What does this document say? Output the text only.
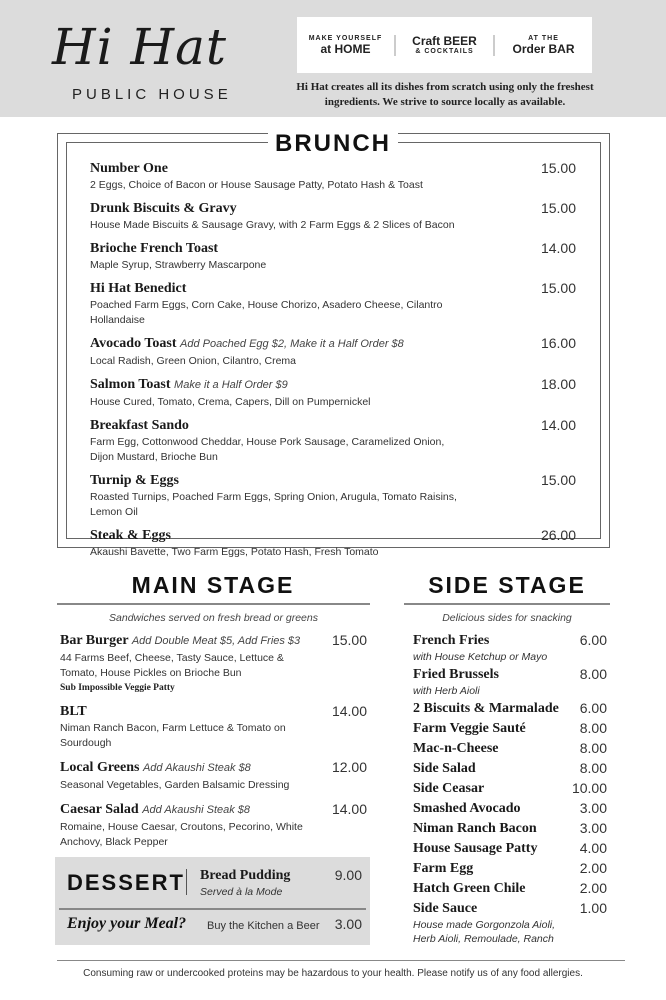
Hi Hat
PUBLIC HOUSE
MAKE YOURSELF
at HOME
Craft BEER
& COCKTAILS
AT THE
Order BAR
Hi Hat creates all its dishes from scratch using only the freshest ingredients. We strive to source locally as available.
BRUNCH
Number One
2 Eggs, Choice of Bacon or House Sausage Patty, Potato Hash & Toast
15.00
Drunk Biscuits & Gravy
House Made Biscuits & Sausage Gravy, with 2 Farm Eggs & 2 Slices of Bacon
15.00
Brioche French Toast
Maple Syrup, Strawberry Mascarpone
14.00
Hi Hat Benedict
Poached Farm Eggs, Corn Cake, House Chorizo, Asadero Cheese, Cilantro Hollandaise
15.00
Avocado Toast Add Poached Egg $2, Make it a Half Order $8
Local Radish, Green Onion, Cilantro, Crema
16.00
Salmon Toast Make it a Half Order $9
House Cured, Tomato, Crema, Capers, Dill on Pumpernickel
18.00
Breakfast Sando
Farm Egg, Cottonwood Cheddar, House Pork Sausage, Caramelized Onion, Dijon Mustard, Brioche Bun
14.00
Turnip & Eggs
Roasted Turnips, Poached Farm Eggs, Spring Onion, Arugula, Tomato Raisins, Lemon Oil
15.00
Steak & Eggs
Akaushi Bavette, Two Farm Eggs, Potato Hash, Fresh Tomato
26.00
MAIN STAGE
Sandwiches served on fresh bread or greens
Bar Burger Add Double Meat $5, Add Fries $3
44 Farms Beef, Cheese, Tasty Sauce, Lettuce & Tomato, House Pickles on Brioche Bun
Sub Impossible Veggie Patty
15.00
BLT
Niman Ranch Bacon, Farm Lettuce & Tomato on Sourdough
14.00
Local Greens Add Akaushi Steak $8
Seasonal Vegetables, Garden Balsamic Dressing
12.00
Caesar Salad Add Akaushi Steak $8
Romaine, House Caesar, Croutons, Pecorino, White Anchovy, Black Pepper
14.00
SIDE STAGE
Delicious sides for snacking
French Fries
with House Ketchup or Mayo
6.00
Fried Brussels
with Herb Aioli
8.00
2 Biscuits & Marmalade	6.00
Farm Veggie Sauté	8.00
Mac-n-Cheese	8.00
Side Salad	8.00
Side Ceasar	10.00
Smashed Avocado	3.00
Niman Ranch Bacon	3.00
House Sausage Patty	4.00
Farm Egg	2.00
Hatch Green Chile	2.00
Side Sauce
House made Gorgonzola Aioli, Herb Aioli, Remoulade, Ranch
1.00
DESSERT Bread Pudding
Served à la Mode
9.00
Enjoy your Meal? Buy the Kitchen a Beer 3.00
Consuming raw or undercooked proteins may be hazardous to your health. Please notify us of any food allergies.
